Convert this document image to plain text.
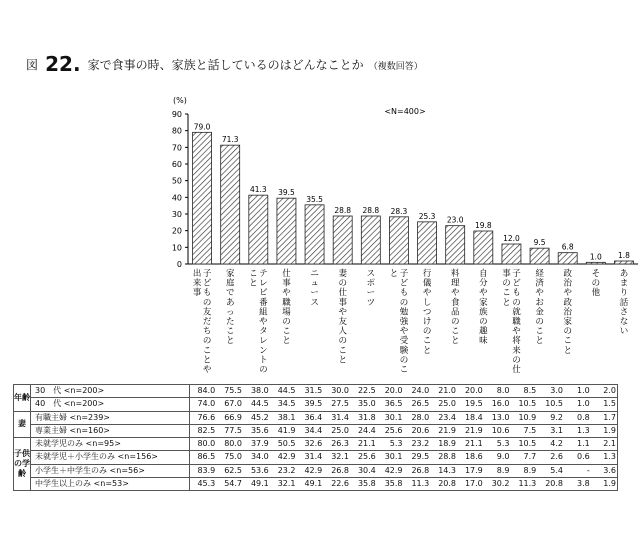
図 22. 家で食事の時、家族と話しているのはどんなことか （複数回答）
(%)
<N=400>
0
10
20
30
40
50
60
70
80
90
79.0
子どもの友だちのことや出来事
71.3
家庭であったこと
41.3
テレビ番組やタレントのこと
39.5
仕事や職場のこと
35.5
ニュース
28.8
妻の仕事や友人のこと
28.8
スポーツ
28.3
子どもの勉強や受験のこと
25.3
行儀やしつけのこと
23.0
料理や食品のこと
19.8
自分や家族の趣味
12.0
子どもの就職や将来の仕事のこと
9.5
経済やお金のこと
6.8
政治や政治家のこと
1.0
その他
1.8
あまり話さない
年齢	30　代 <n=200>	84.0	75.5	38.0	44.5	31.5	30.0	22.5	20.0	24.0	21.0	20.0	8.0	8.5	3.0	1.0	2.0
	40　代 <n=200>	74.0	67.0	44.5	34.5	39.5	27.5	35.0	36.5	26.5	25.0	19.5	16.0	10.5	10.5	1.0	1.5
妻	有職主婦 <n=239>	76.6	66.9	45.2	38.1	36.4	31.4	31.8	30.1	28.0	23.4	18.4	13.0	10.9	9.2	0.8	1.7
	専業主婦 <n=160>	82.5	77.5	35.6	41.9	34.4	25.0	24.4	25.6	20.6	21.9	21.9	10.6	7.5	3.1	1.3	1.9
子供の学齢	未就学児のみ <n=95>	80.0	80.0	37.9	50.5	32.6	26.3	21.1	5.3	23.2	18.9	21.1	5.3	10.5	4.2	1.1	2.1
	未就学児＋小学生のみ <n=156>	86.5	75.0	34.0	42.9	31.4	32.1	25.6	30.1	29.5	28.8	18.6	9.0	7.7	2.6	0.6	1.3
	小学生＋中学生のみ <n=56>	83.9	62.5	53.6	23.2	42.9	26.8	30.4	42.9	26.8	14.3	17.9	8.9	8.9	5.4	-	3.6
	中学生以上のみ <n=53>	45.3	54.7	49.1	32.1	49.1	22.6	35.8	35.8	11.3	20.8	17.0	30.2	11.3	20.8	3.8	1.9
